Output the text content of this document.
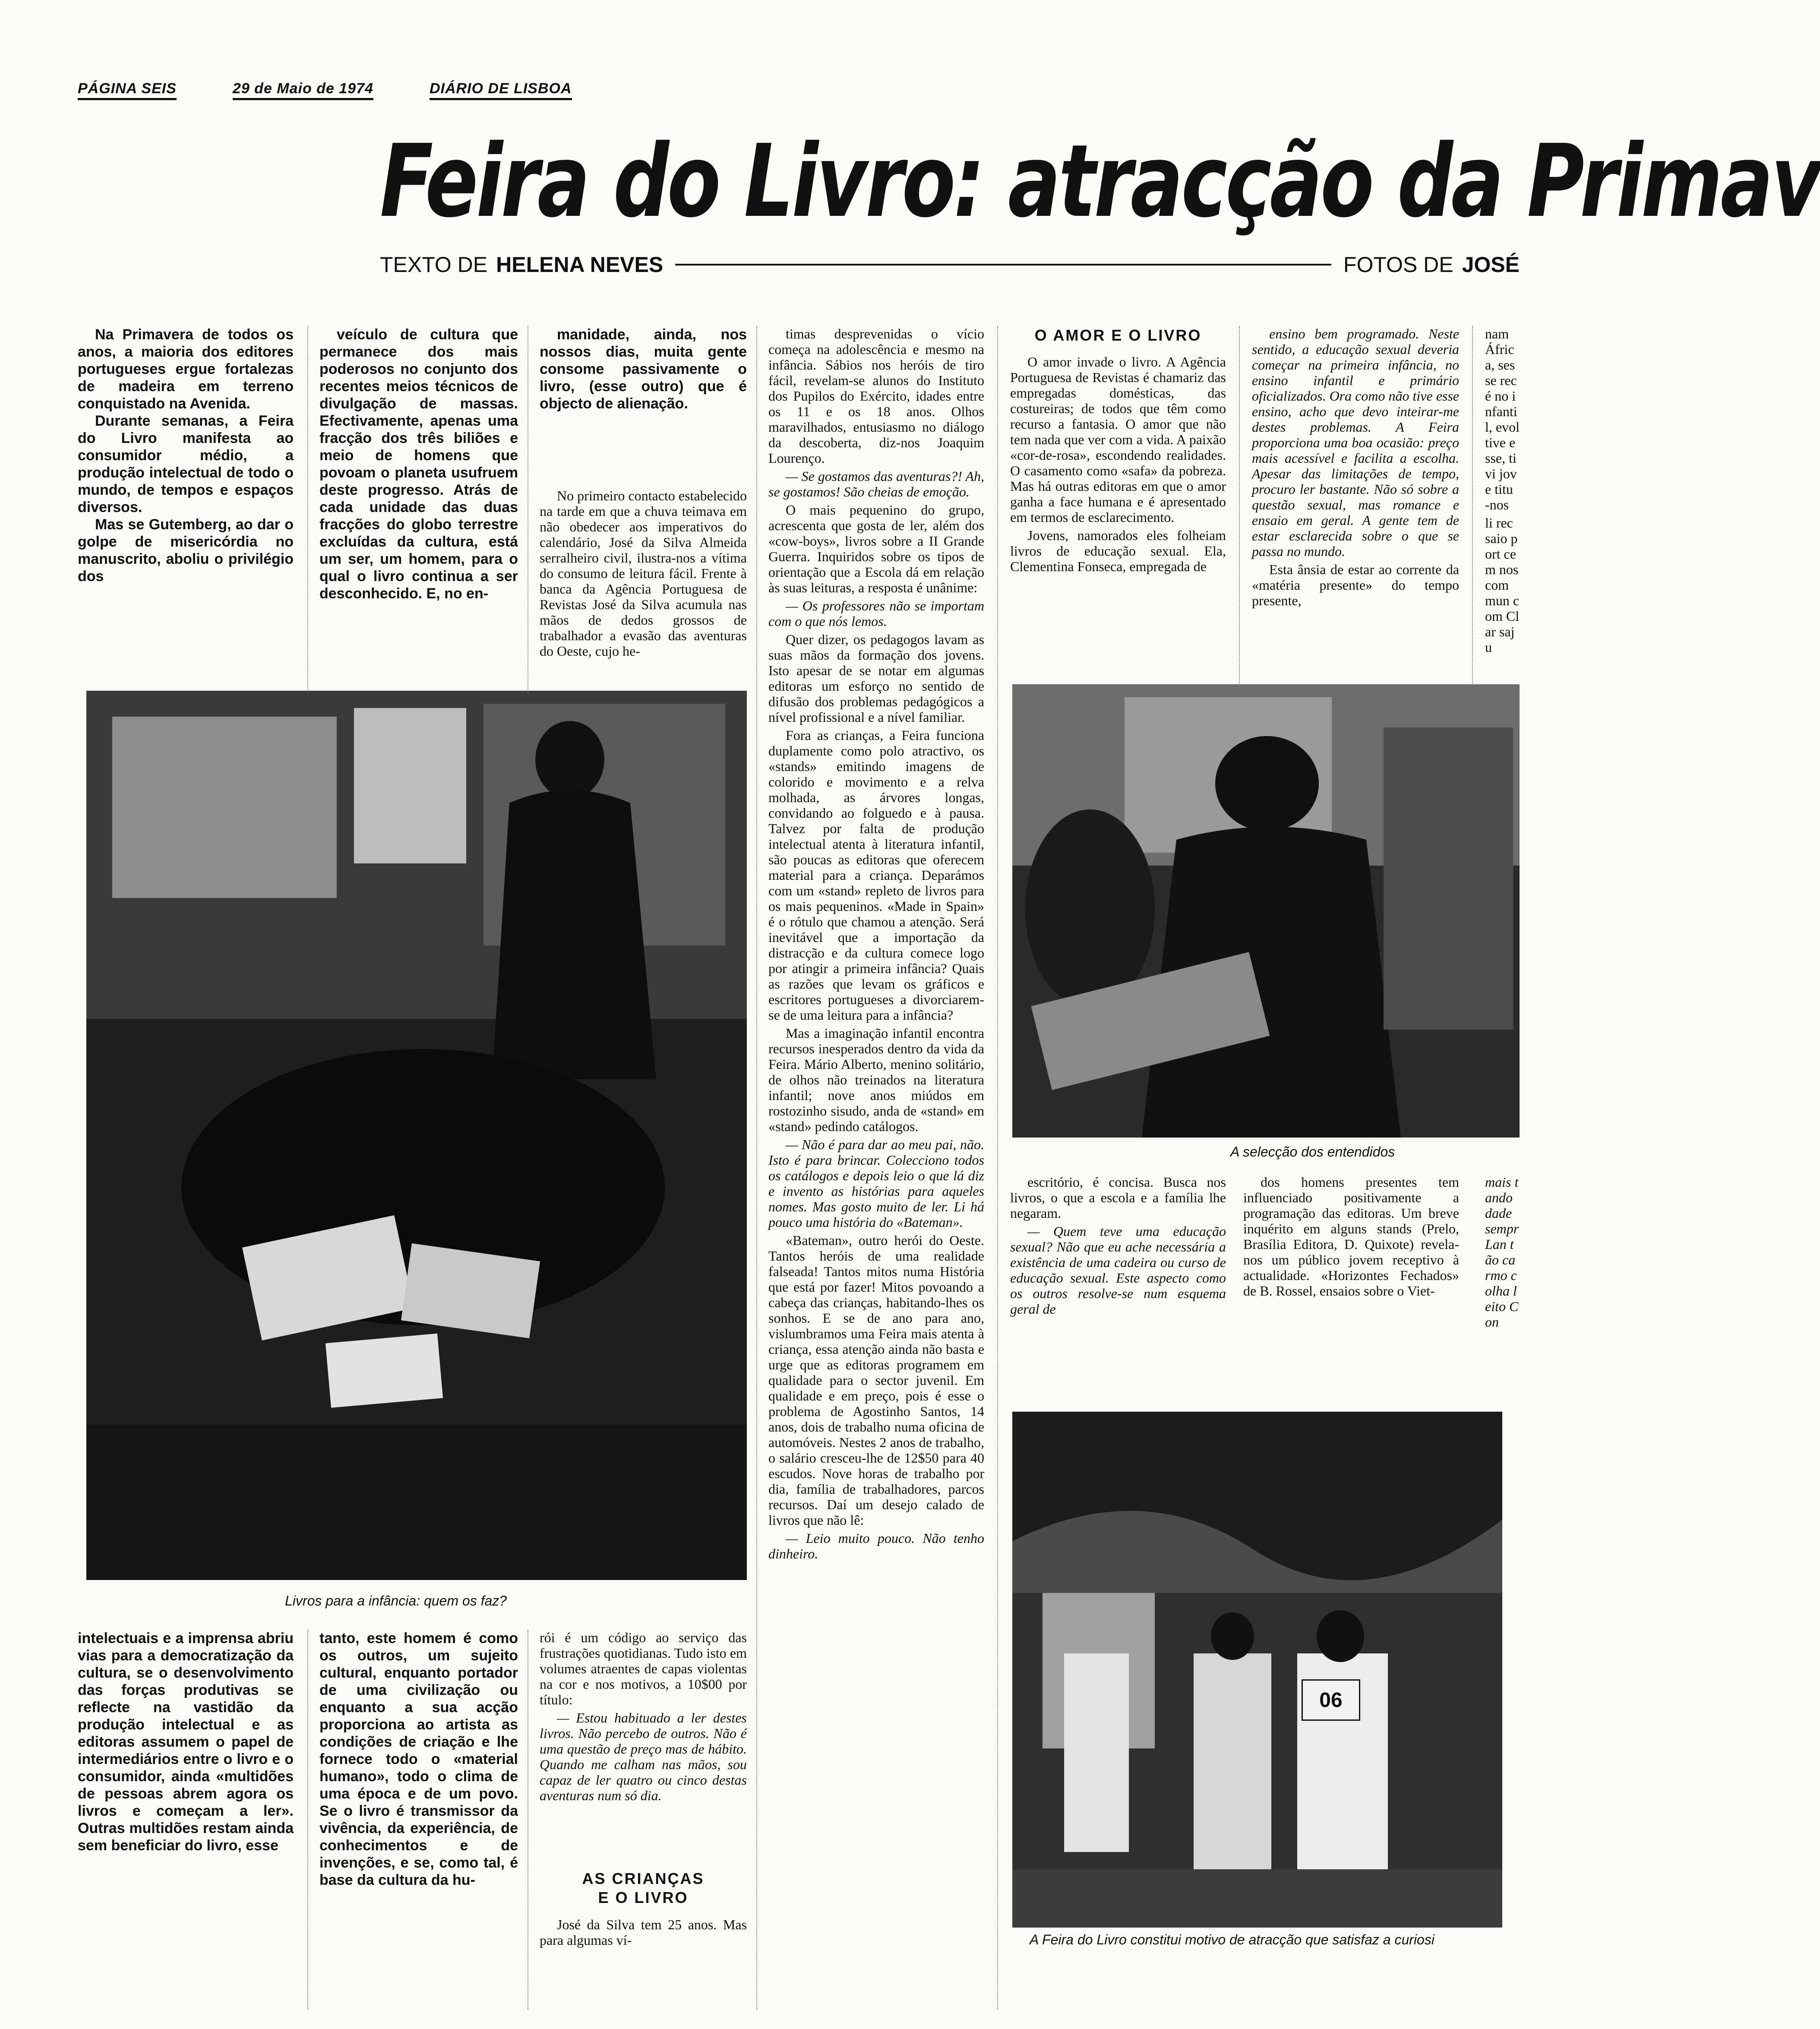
PÁGINA SEIS	29 de Maio de 1974	DIÁRIO DE LISBOA
Feira do Livro: atracção da Primav
TEXTO DE HELENA NEVES	FOTOS DE JOSÉ

Na Primavera de todos os anos, a maioria dos editores portugueses ergue fortalezas de madeira em terreno conquistado na Avenida.

Durante semanas, a Feira do Livro manifesta ao consumidor médio, a produção intelectual de todo o mundo, de tempos e espaços diversos.

Mas se Gutemberg, ao dar o golpe de misericórdia no manuscrito, aboliu o privilégio dos

veículo de cultura que permanece dos mais poderosos no conjunto dos recentes meios técnicos de divulgação de massas. Efectivamente, apenas uma fracção dos três biliões e meio de homens que povoam o planeta usufruem deste progresso. Atrás de cada unidade das duas fracções do globo terrestre excluídas da cultura, está um ser, um homem, para o qual o livro continua a ser desconhecido. E, no en-

manidade, ainda, nos nossos dias, muita gente consome passivamente o livro, (esse outro) que é objecto de alienação.

No primeiro contacto estabelecido na tarde em que a chuva teimava em não obedecer aos imperativos do calendário, José da Silva Almeida serralheiro civil, ilustra-nos a vítima do consumo de leitura fácil. Frente à banca da Agência Portuguesa de Revistas José da Silva acumula nas mãos de dedos grossos de trabalhador a evasão das aventuras do Oeste, cujo he-

timas desprevenidas o vício começa na adolescência e mesmo na infância. Sábios nos heróis de tiro fácil, revelam-se alunos do Instituto dos Pupilos do Exército, idades entre os 11 e os 18 anos. Olhos maravilhados, entusiasmo no diálogo da descoberta, diz-nos Joaquim Lourenço.

— Se gostamos das aventuras?! Ah, se gostamos! São cheias de emoção.

O mais pequenino do grupo, acrescenta que gosta de ler, além dos «cow-boys», livros sobre a II Grande Guerra. Inquiridos sobre os tipos de orientação que a Escola dá em relação às suas leituras, a resposta é unânime:

— Os professores não se importam com o que nós lemos.

Quer dizer, os pedagogos lavam as suas mãos da formação dos jovens. Isto apesar de se notar em algumas editoras um esforço no sentido de difusão dos problemas pedagógicos a nível profissional e a nível familiar.

Fora as crianças, a Feira funciona duplamente como polo atractivo, os «stands» emitindo imagens de colorido e movimento e a relva molhada, as árvores longas, convidando ao folguedo e à pausa. Talvez por falta de produção intelectual atenta à literatura infantil, são poucas as editoras que oferecem material para a criança. Deparámos com um «stand» repleto de livros para os mais pequeninos. «Made in Spain» é o rótulo que chamou a atenção. Será inevitável que a importação da distracção e da cultura comece logo por atingir a primeira infância? Quais as razões que levam os gráficos e escritores portugueses a divorciarem-se de uma leitura para a infância?

Mas a imaginação infantil encontra recursos inesperados dentro da vida da Feira. Mário Alberto, menino solitário, de olhos não treinados na literatura infantil; nove anos miúdos em rostozinho sisudo, anda de «stand» em «stand» pedindo catálogos.

— Não é para dar ao meu pai, não. Isto é para brincar. Colecciono todos os catálogos e depois leio o que lá diz e invento as histórias para aqueles nomes. Mas gosto muito de ler. Li há pouco uma história do «Bateman».

«Bateman», outro herói do Oeste. Tantos heróis de uma realidade falseada! Tantos mitos numa História que está por fazer! Mitos povoando a cabeça das crianças, habitando-lhes os sonhos. E se de ano para ano, vislumbramos uma Feira mais atenta à criança, essa atenção ainda não basta e urge que as editoras programem em qualidade para o sector juvenil. Em qualidade e em preço, pois é esse o problema de Agostinho Santos, 14 anos, dois de trabalho numa oficina de automóveis. Nestes 2 anos de trabalho, o salário cresceu-lhe de 12$50 para 40 escudos. Nove horas de trabalho por dia, família de trabalhadores, parcos recursos. Daí um desejo calado de livros que não lê:

— Leio muito pouco. Não tenho dinheiro.

O AMOR E O LIVRO

O amor invade o livro. A Agência Portuguesa de Revistas é chamariz das empregadas domésticas, das costureiras; de todos que têm como recurso a fantasia. O amor que não tem nada que ver com a vida. A paixão «cor-de-rosa», escondendo realidades. O casamento como «safa» da pobreza. Mas há outras editoras em que o amor ganha a face humana e é apresentado em termos de esclarecimento.

Jovens, namorados eles folheiam livros de educação sexual. Ela, Clementina Fonseca, empregada de

ensino bem programado. Neste sentido, a educação sexual deveria começar na primeira infância, no ensino infantil e primário oficializados. Ora como não tive esse ensino, acho que devo inteirar-me destes problemas. A Feira proporciona uma boa ocasião: preço mais acessível e facilita a escolha. Apesar das limitações de tempo, procuro ler bastante. Não só sobre a questão sexual, mas romance e ensaio em geral. A gente tem de estar esclarecida sobre o que se passa no mundo.

Esta ânsia de estar ao corrente da «matéria presente» do tempo presente,

nam África, sesse recé no infantil, evol tive esse, tivi jove titu -nos

li rec saio port cem nos com mun com Clar saju

Livros para a infância: quem os faz?
A selecção dos entendidos

escritório, é concisa. Busca nos livros, o que a escola e a família lhe negaram.

— Quem teve uma educação sexual? Não que eu ache necessária a existência de uma cadeira ou curso de educação sexual. Este aspecto como os outros resolve-se num esquema geral de

dos homens presentes tem influenciado positivamente a programação das editoras. Um breve inquérito em alguns stands (Prelo, Brasília Editora, D. Quixote) revela-nos um público jovem receptivo à actualidade. «Horizontes Fechados» de B. Rossel, ensaios sobre o Viet-

mais tando dade sempr Lan tão carmo colha leito Con

06
A Feira do Livro constitui motivo de atracção que satisfaz a curiosi

intelectuais e a imprensa abriu vias para a democratização da cultura, se o desenvolvimento das forças produtivas se reflecte na vastidão da produção intelectual e as editoras assumem o papel de intermediários entre o livro e o consumidor, ainda «multidões de pessoas abrem agora os livros e começam a ler». Outras multidões restam ainda sem beneficiar do livro, esse

tanto, este homem é como os outros, um sujeito cultural, enquanto portador de uma civilização ou enquanto a sua acção proporciona ao artista as condições de criação e lhe fornece todo o «material humano», todo o clima de uma época e de um povo. Se o livro é transmissor da vivência, da experiência, de conhecimentos e de invenções, e se, como tal, é base da cultura da hu-

rói é um código ao serviço das frustrações quotidianas. Tudo isto em volumes atraentes de capas violentas na cor e nos motivos, a 10$00 por título:

— Estou habituado a ler destes livros. Não percebo de outros. Não é uma questão de preço mas de hábito. Quando me calham nas mãos, sou capaz de ler quatro ou cinco destas aventuras num só dia.

AS CRIANÇAS
E O LIVRO

José da Silva tem 25 anos. Mas para algumas ví-
